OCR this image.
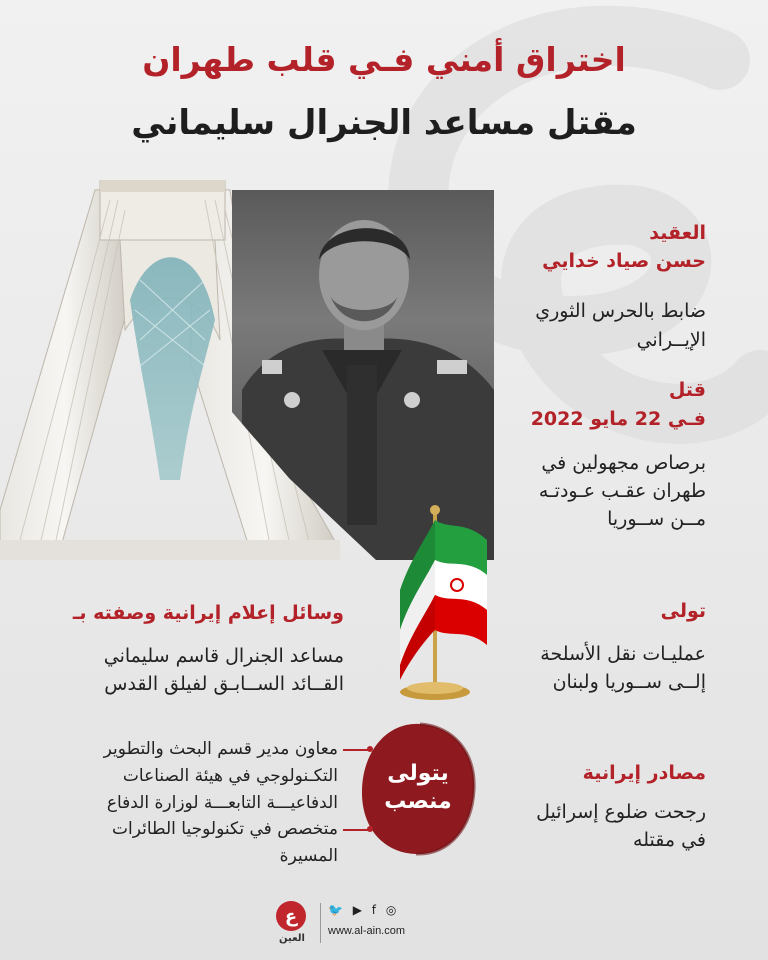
اختراق أمني فـي قلب طهران
مقتل مساعد الجنرال سليماني
العقيد
حسن صياد خدايي
ضابط بالحرس الثوري
الإيــراني
قتل
فـي 22 مايو 2022
برصاص مجهولين في
طهران عقـب عـودتـه
مــن ســوريا
تولى
عمليـات نقل الأسلحة
إلــى ســوريا ولبنان
مصادر إيرانية
رجحت ضلوع إسرائيل
في مقتله
وسائل إعلام إيرانية وصفته بـ
مساعد الجنرال قاسم سليماني
القــائد الســابـق لفيلق القدس
يتولى
منصب
معاون مدير قسم البحث والتطوير
التكـنولوجي في هيئة الصناعات
الدفاعيـــة التابعـــة لوزارة الدفاع
متخصص في تكنولوجيا الطائرات
المسيرة
ع
العين
🐦 ▶ f ◎
www.al-ain.com
